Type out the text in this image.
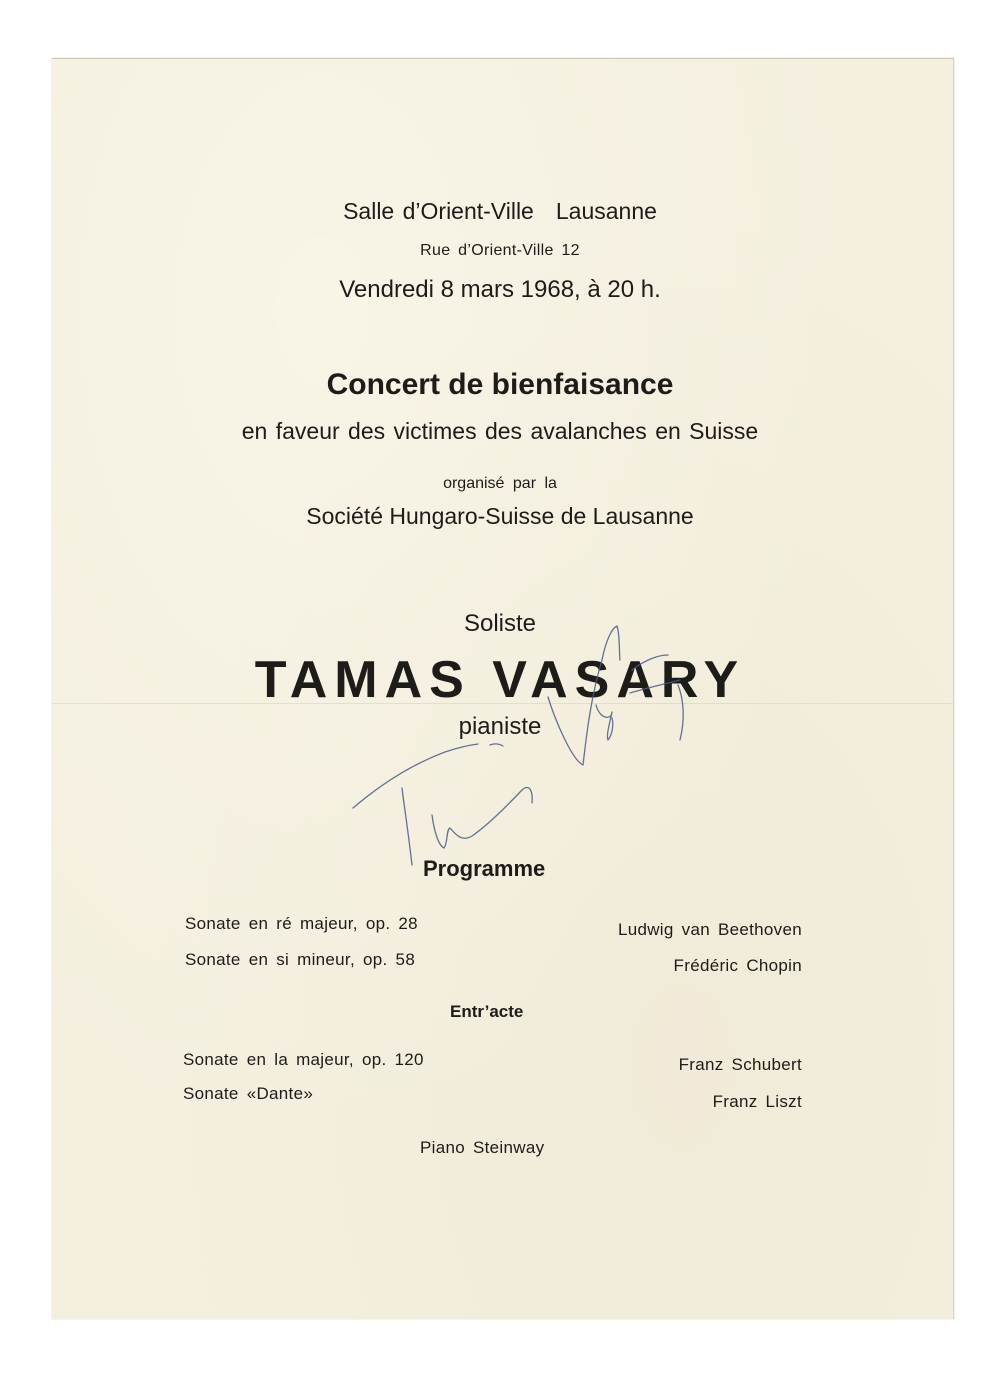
Salle d’Orient-Ville Lausanne
Rue d’Orient-Ville 12
Vendredi 8 mars 1968, à 20 h.
Concert de bienfaisance
en faveur des victimes des avalanches en Suisse
organisé par la
Société Hungaro-Suisse de Lausanne
Soliste
TAMAS VASARY
pianiste
Programme
Sonate en ré majeur, op. 28	Ludwig van Beethoven
Sonate en si mineur, op. 58	Frédéric Chopin
Entr’acte
Sonate en la majeur, op. 120	Franz Schubert
Sonate «Dante»	Franz Liszt
Piano Steinway
